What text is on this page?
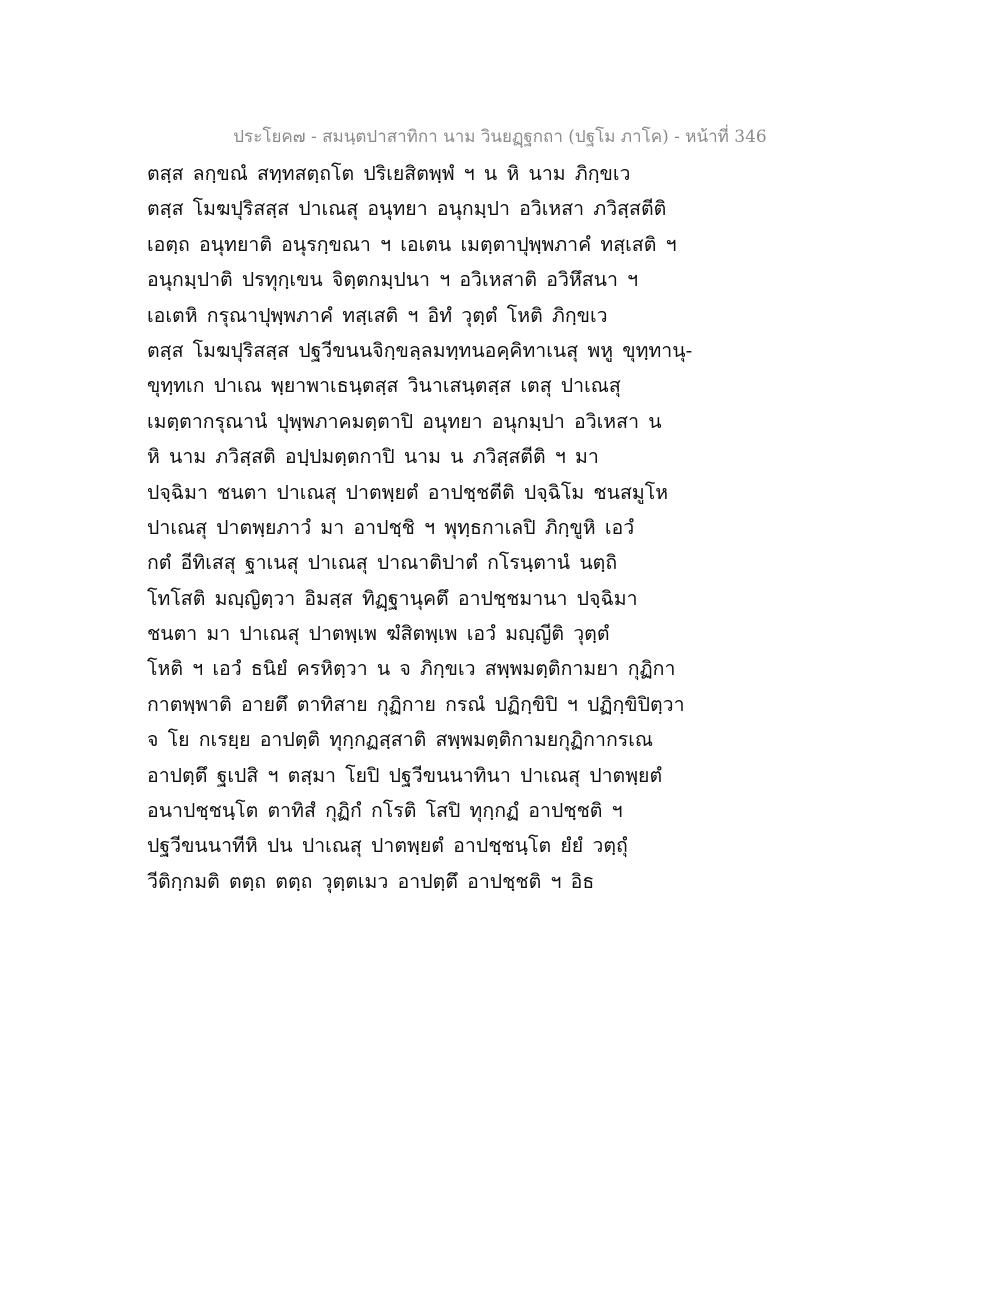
ประโยค๗ - สมนฺตปาสาทิกา นาม วินยฏฺฐกถา (ปฐโม ภาโค) - หน้าที่ 346
ตสฺส ลกฺขณํ สทฺทสตฺถโต ปริเยสิตพฺพํ ฯ น หิ นาม ภิกฺขเว
ตสฺส โมฆปุริสสฺส ปาเณสุ อนุทยา อนุกมฺปา อวิเหสา ภวิสฺสตีติ
เอตฺถ อนุทยาติ อนุรกฺขณา ฯ เอเตน เมตฺตาปุพฺพภาคํ ทสฺเสติ ฯ
อนุกมฺปาติ ปรทุกฺเขน จิตฺตกมฺปนา ฯ อวิเหสาติ อวิหึสนา ฯ
เอเตหิ กรุณาปุพฺพภาคํ ทสฺเสติ ฯ อิทํ วุตฺตํ โหติ ภิกฺขเว
ตสฺส โมฆปุริสสฺส ปฐวีขนนจิกฺขลฺลมทฺทนอคฺคิทาเนสุ พหู ขุทฺทานุ-
ขุทฺทเก ปาเณ พฺยาพาเธนฺตสฺส วินาเสนฺตสฺส เตสุ ปาเณสุ
เมตฺตากรุณานํ ปุพฺพภาคมตฺตาปิ อนุทยา อนุกมฺปา อวิเหสา น
หิ นาม ภวิสฺสติ อปฺปมตฺตกาปิ นาม น ภวิสฺสตีติ ฯ มา
ปจฺฉิมา ชนตา ปาเณสุ ปาตพฺยตํ อาปชฺชตีติ ปจฺฉิโม ชนสมูโห
ปาเณสุ ปาตพฺยภาวํ มา อาปชฺชิ ฯ พุทฺธกาเลปิ ภิกฺขูหิ เอวํ
กตํ อีทิเสสุ ฐาเนสุ ปาเณสุ ปาณาติปาตํ กโรนฺตานํ นตฺถิ
โทโสติ มญฺญิตฺวา อิมสฺส ทิฏฺฐานุคตึ อาปชฺชมานา ปจฺฉิมา
ชนตา มา ปาเณสุ ปาตพฺเพ ฆํสิตพฺเพ เอวํ มญฺญีติ วุตฺตํ
โหติ ฯ เอวํ ธนิยํ ครหิตฺวา น จ ภิกฺขเว สพฺพมตฺติกามยา กุฏิกา
กาตพฺพาติ อายตึ ตาทิสาย กุฏิกาย กรณํ ปฏิกฺขิปิ ฯ ปฏิกฺขิปิตฺวา
จ โย กเรยฺย อาปตฺติ ทุกฺกฏสฺสาติ สพฺพมตฺติกามยกุฏิกากรเณ
อาปตฺตึ ฐเปสิ ฯ ตสฺมา โยปิ ปฐวีขนนาทินา ปาเณสุ ปาตพฺยตํ
อนาปชฺชนฺโต ตาทิสํ กุฏิกํ กโรติ โสปิ ทุกฺกฏํ อาปชฺชติ ฯ
ปฐวีขนนาทีหิ ปน ปาเณสุ ปาตพฺยตํ อาปชฺชนฺโต ยํยํ วตฺถุํ
วีติกฺกมติ ตตฺถ ตตฺถ วุตฺตเมว อาปตฺตึ อาปชฺชติ ฯ อิธ
